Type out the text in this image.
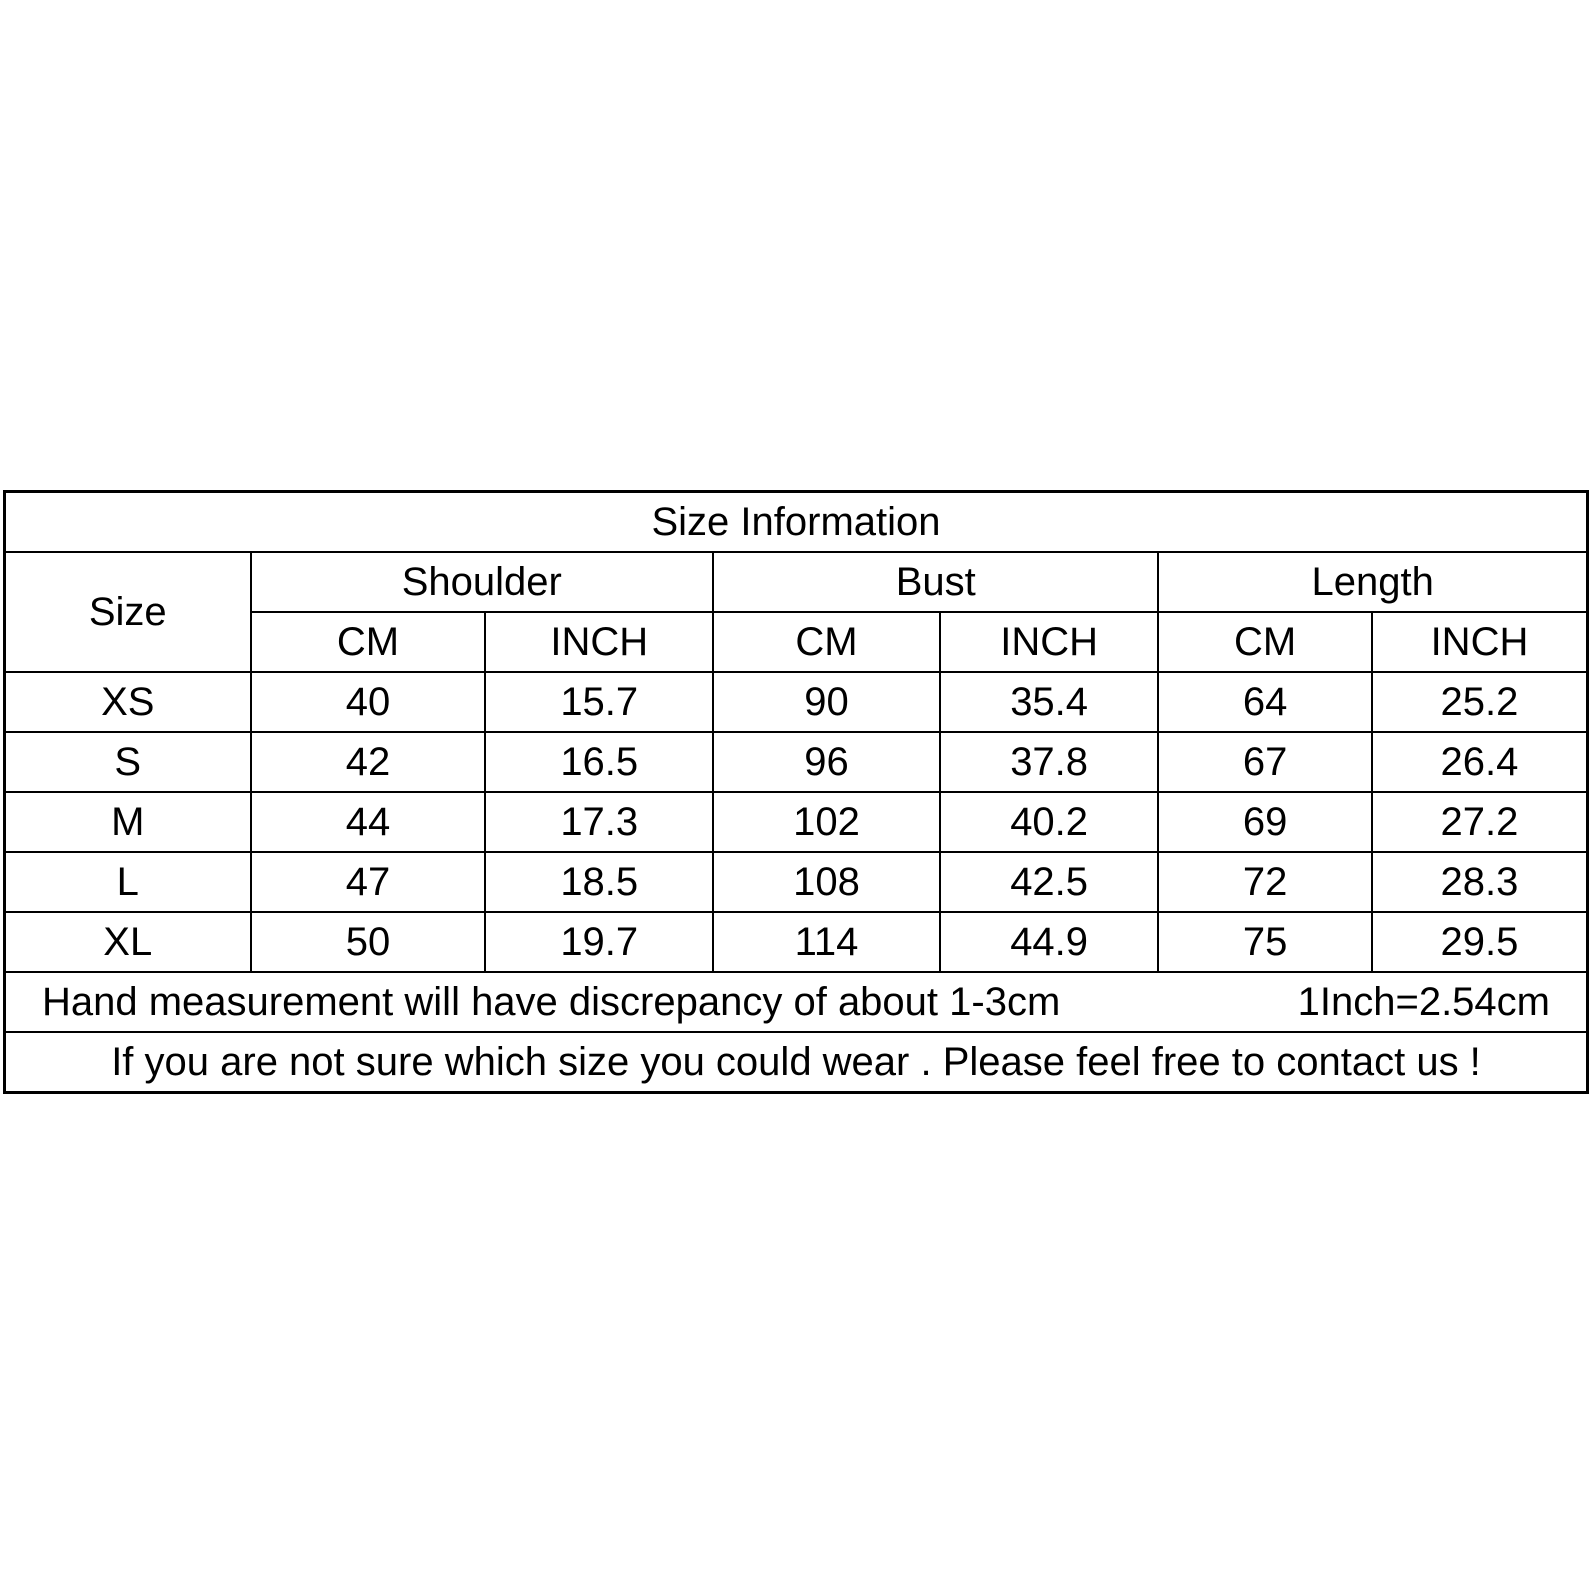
Size Information						
Size	Shoulder		Bust		Length	
	CM	INCH	CM	INCH	CM	INCH
XS	40	15.7	90	35.4	64	25.2
S	42	16.5	96	37.8	67	26.4
M	44	17.3	102	40.2	69	27.2
L	47	18.5	108	42.5	72	28.3
XL	50	19.7	114	44.9	75	29.5

Hand measurement will have discrepancy of about 1-3cm 1Inch=2.54cm						

If you are not sure which size you could wear . Please feel free to contact us !						
